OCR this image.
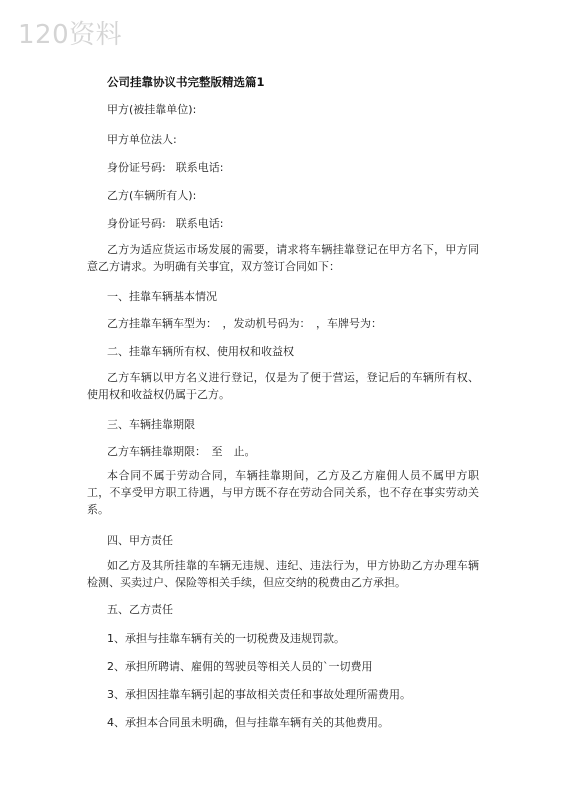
120资料
公司挂靠协议书完整版精选篇1
甲方(被挂靠单位):
甲方单位法人:
身份证号码: 联系电话:
乙方(车辆所有人):
身份证号码: 联系电话:
乙方为适应货运市场发展的需要，请求将车辆挂靠登记在甲方名下，甲方同意乙方请求。为明确有关事宜，双方签订合同如下：
一、挂靠车辆基本情况
乙方挂靠车辆车型为：　，发动机号码为：　，车牌号为：
二、挂靠车辆所有权、使用权和收益权
乙方车辆以甲方名义进行登记，仅是为了便于营运，登记后的车辆所有权、使用权和收益权仍属于乙方。
三、车辆挂靠期限
乙方车辆挂靠期限：　至　止。
本合同不属于劳动合同，车辆挂靠期间，乙方及乙方雇佣人员不属甲方职工，不享受甲方职工待遇，与甲方既不存在劳动合同关系，也不存在事实劳动关系。
四、甲方责任
如乙方及其所挂靠的车辆无违规、违纪、违法行为，甲方协助乙方办理车辆检测、买卖过户、保险等相关手续，但应交纳的税费由乙方承担。
五、乙方责任
1、承担与挂靠车辆有关的一切税费及违规罚款。
2、承担所聘请、雇佣的驾驶员等相关人员的`一切费用
3、承担因挂靠车辆引起的事故相关责任和事故处理所需费用。
4、承担本合同虽未明确，但与挂靠车辆有关的其他费用。
